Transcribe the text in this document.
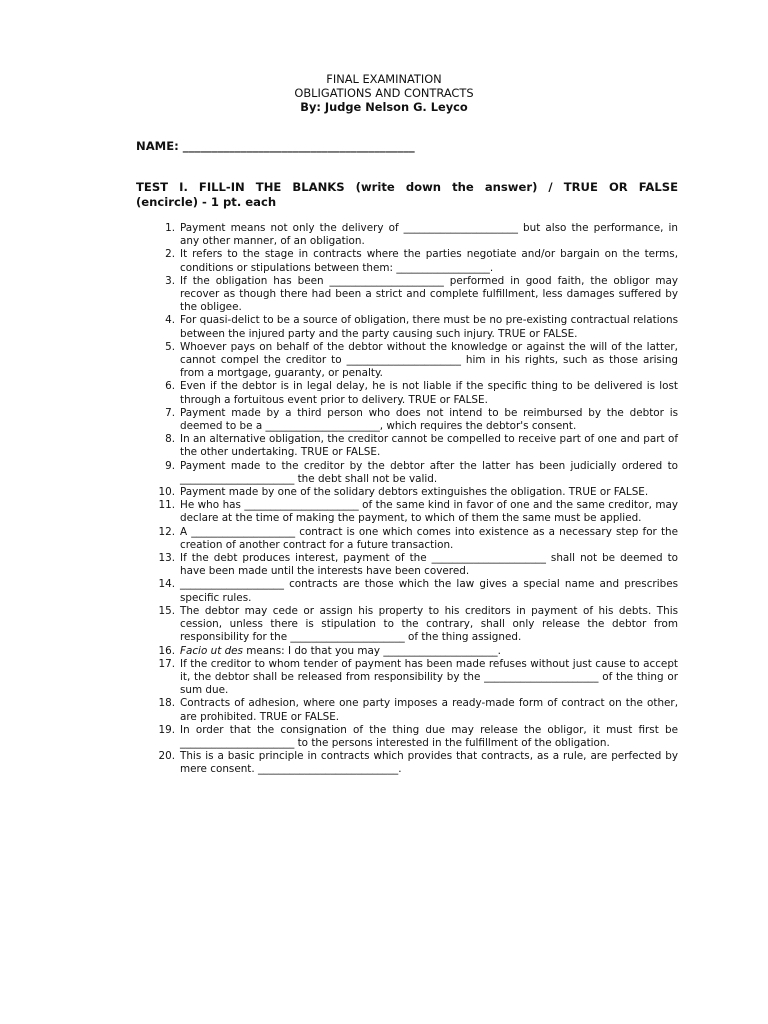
FINAL EXAMINATION
OBLIGATIONS AND CONTRACTS
By: Judge Nelson G. Leyco
NAME: ________________________________________
TEST I. FILL-IN THE BLANKS (write down the answer) / TRUE OR FALSE
(encircle) - 1 pt. each
1. Payment means not only the delivery of ______________________ but also the performance, in any other manner, of an obligation.
2. It refers to the stage in contracts where the parties negotiate and/or bargain on the terms, conditions or stipulations between them: __________________.
3. If the obligation has been ______________________ performed in good faith, the obligor may recover as though there had been a strict and complete fulfillment, less damages suffered by the obligee.
4. For quasi-delict to be a source of obligation, there must be no pre-existing contractual relations between the injured party and the party causing such injury. TRUE or FALSE.
5. Whoever pays on behalf of the debtor without the knowledge or against the will of the latter, cannot compel the creditor to ______________________ him in his rights, such as those arising from a mortgage, guaranty, or penalty.
6. Even if the debtor is in legal delay, he is not liable if the specific thing to be delivered is lost through a fortuitous event prior to delivery. TRUE or FALSE.
7. Payment made by a third person who does not intend to be reimbursed by the debtor is deemed to be a ______________________, which requires the debtor's consent.
8. In an alternative obligation, the creditor cannot be compelled to receive part of one and part of the other undertaking. TRUE or FALSE.
9. Payment made to the creditor by the debtor after the latter has been judicially ordered to ______________________ the debt shall not be valid.
10. Payment made by one of the solidary debtors extinguishes the obligation. TRUE or FALSE.
11. He who has ______________________ of the same kind in favor of one and the same creditor, may declare at the time of making the payment, to which of them the same must be applied.
12. A ____________________ contract is one which comes into existence as a necessary step for the creation of another contract for a future transaction.
13. If the debt produces interest, payment of the ______________________ shall not be deemed to have been made until the interests have been covered.
14. ____________________ contracts are those which the law gives a special name and prescribes specific rules.
15. The debtor may cede or assign his property to his creditors in payment of his debts. This cession, unless there is stipulation to the contrary, shall only release the debtor from responsibility for the ______________________ of the thing assigned.
16. Facio ut des means: I do that you may ______________________.
17. If the creditor to whom tender of payment has been made refuses without just cause to accept it, the debtor shall be released from responsibility by the ______________________ of the thing or sum due.
18. Contracts of adhesion, where one party imposes a ready-made form of contract on the other, are prohibited. TRUE or FALSE.
19. In order that the consignation of the thing due may release the obligor, it must first be ______________________ to the persons interested in the fulfillment of the obligation.
20. This is a basic principle in contracts which provides that contracts, as a rule, are perfected by mere consent. ___________________________.
